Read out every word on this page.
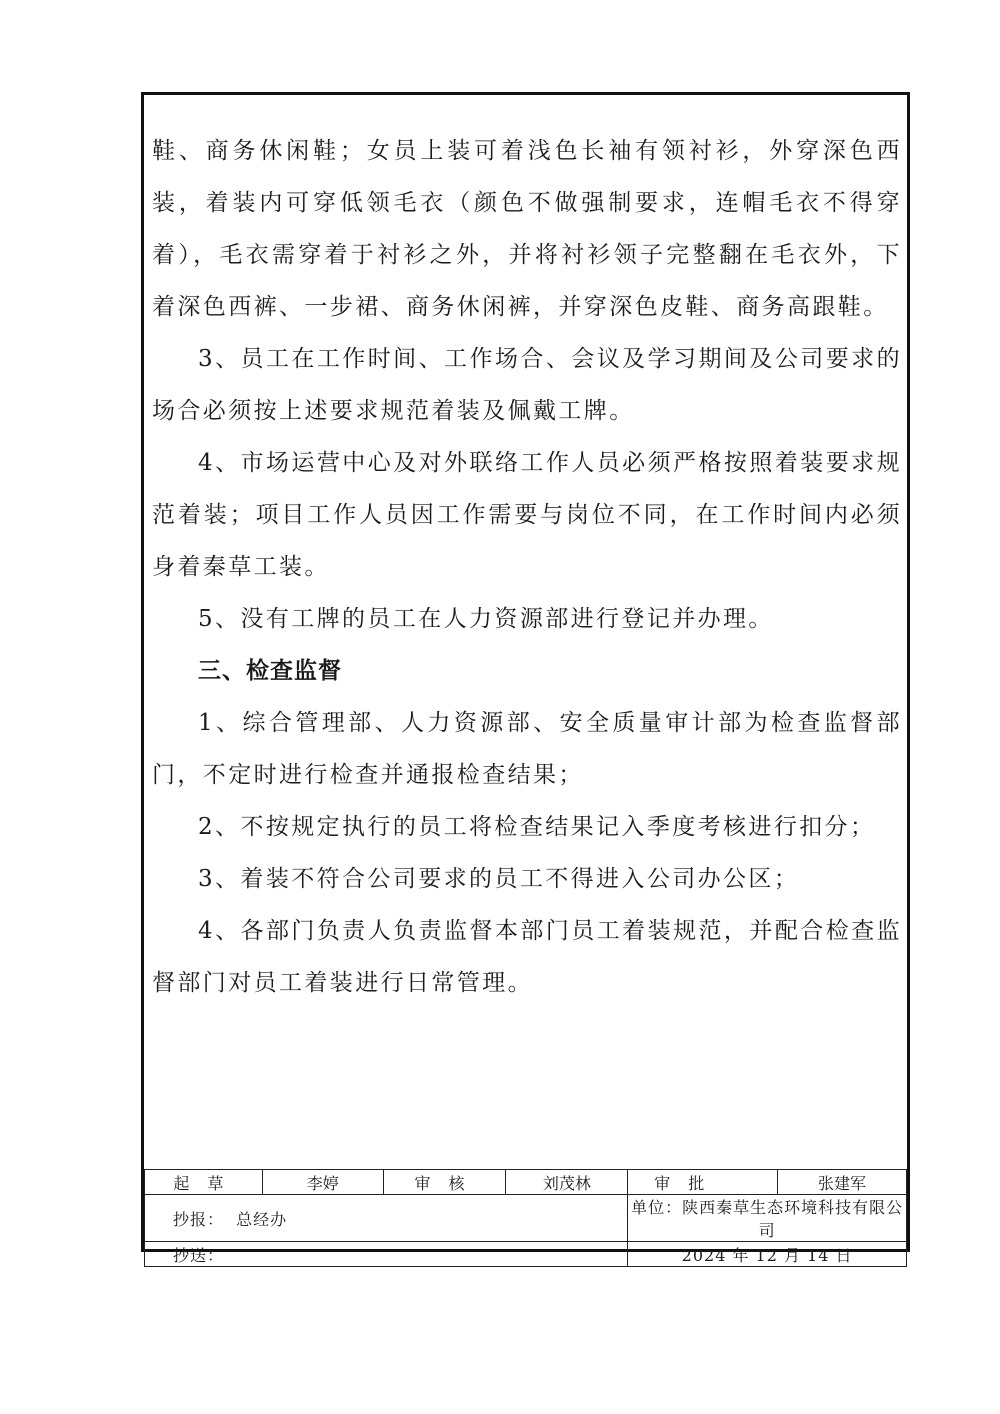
鞋、商务休闲鞋；女员上装可着浅色长袖有领衬衫，外穿深色西装，着装内可穿低领毛衣（颜色不做强制要求，连帽毛衣不得穿着），毛衣需穿着于衬衫之外，并将衬衫领子完整翻在毛衣外，下着深色西裤、一步裙、商务休闲裤，并穿深色皮鞋、商务高跟鞋。

3、员工在工作时间、工作场合、会议及学习期间及公司要求的场合必须按上述要求规范着装及佩戴工牌。

4、市场运营中心及对外联络工作人员必须严格按照着装要求规范着装；项目工作人员因工作需要与岗位不同，在工作时间内必须身着秦草工装。

5、没有工牌的员工在人力资源部进行登记并办理。

三、检查监督

1、综合管理部、人力资源部、安全质量审计部为检查监督部门，不定时进行检查并通报检查结果；

2、不按规定执行的员工将检查结果记入季度考核进行扣分；

3、着装不符合公司要求的员工不得进入公司办公区；

4、各部门负责人负责监督本部门员工着装规范，并配合检查监督部门对员工着装进行日常管理。

起草	李婷	审核	刘茂林	审批	张建军
抄报：  总经办				单位：陕西秦草生态环境科技有限公司	
抄送：				2024 年 12 月 14 日	
